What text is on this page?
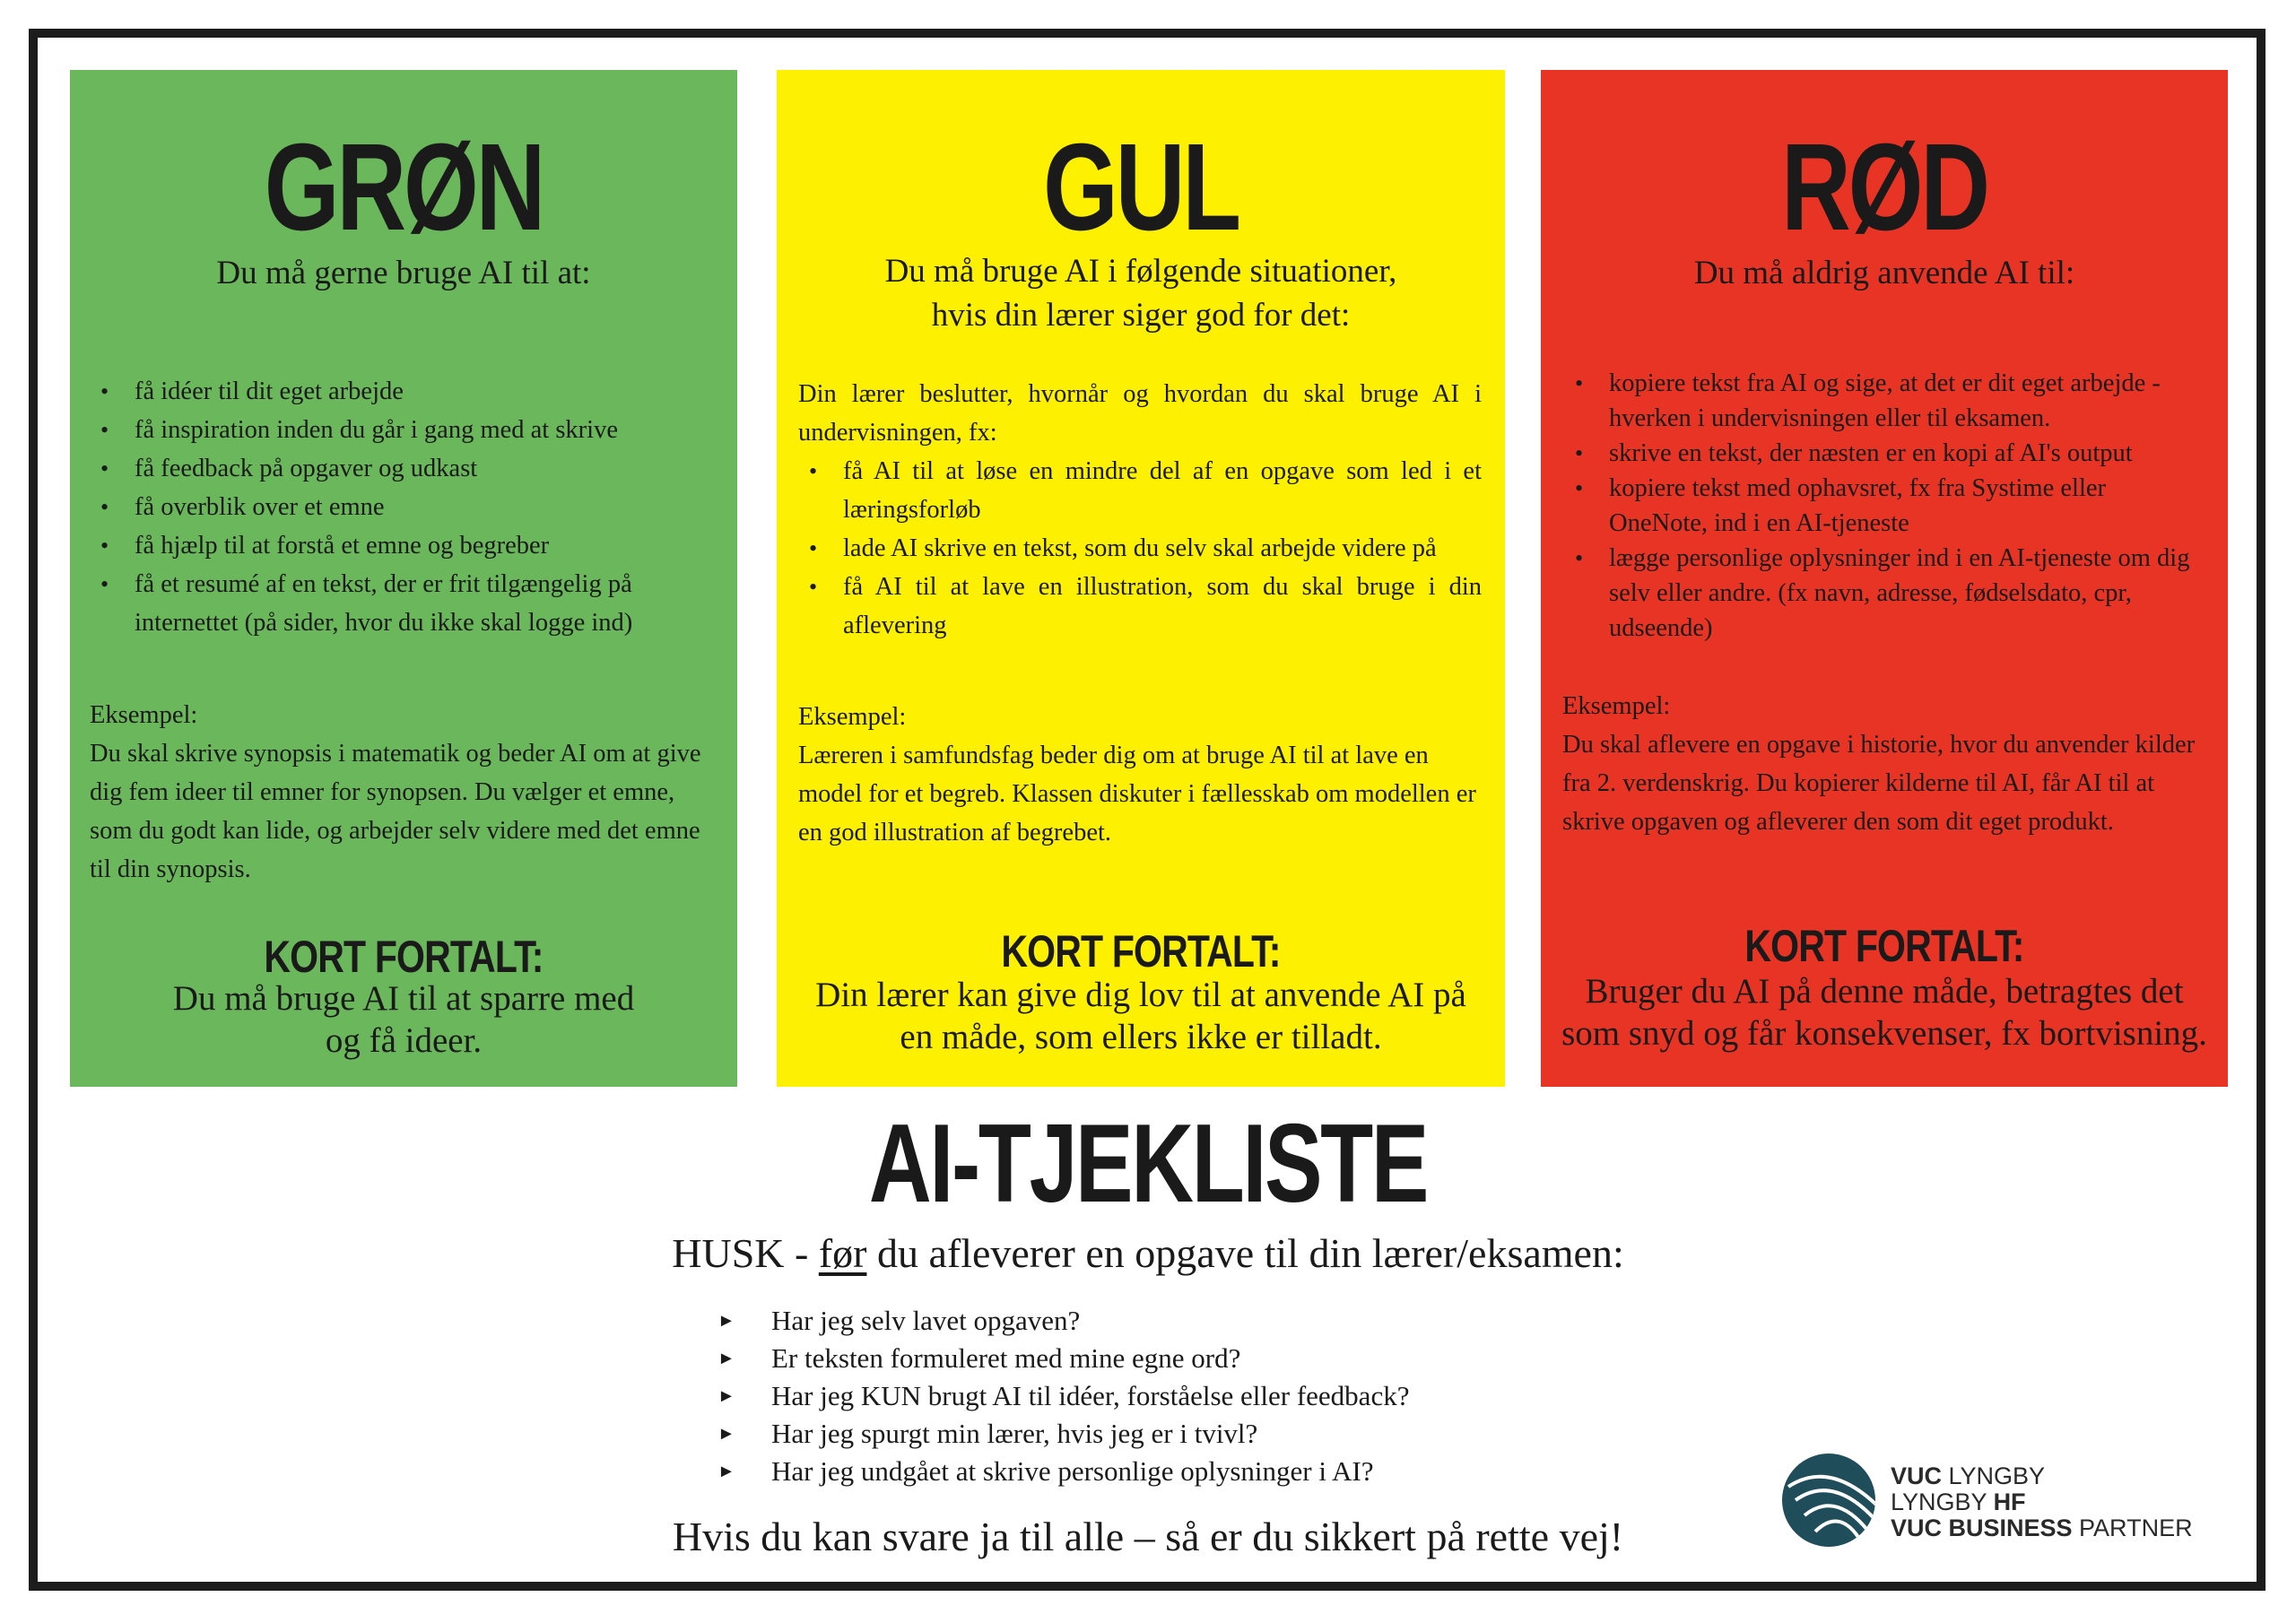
GRØN
Du må gerne bruge AI til at:
• få idéer til dit eget arbejde
• få inspiration inden du går i gang med at skrive
• få feedback på opgaver og udkast
• få overblik over et emne
• få hjælp til at forstå et emne og begreber
• få et resumé af en tekst, der er frit tilgængelig på internettet (på sider, hvor du ikke skal logge ind)
Eksempel:
Du skal skrive synopsis i matematik og beder AI om at give dig fem ideer til emner for synopsen. Du vælger et emne, som du godt kan lide, og arbejder selv videre med det emne til din synopsis.
KORT FORTALT:
Du må bruge AI til at sparre med
og få ideer.
GUL
Du må bruge AI i følgende situationer,
hvis din lærer siger god for det:
Din lærer beslutter, hvornår og hvordan du skal bruge AI i undervisningen, fx:
• få AI til at løse en mindre del af en opgave som led i et læringsforløb
• lade AI skrive en tekst, som du selv skal arbejde videre på
• få AI til at lave en illustration, som du skal bruge i din aflevering
Eksempel:
Læreren i samfundsfag beder dig om at bruge AI til at lave en model for et begreb. Klassen diskuter i fællesskab om modellen er en god illustration af begrebet.
KORT FORTALT:
Din lærer kan give dig lov til at anvende AI på
en måde, som ellers ikke er tilladt.
RØD
Du må aldrig anvende AI til:
• kopiere tekst fra AI og sige, at det er dit eget arbejde - hverken i undervisningen eller til eksamen.
• skrive en tekst, der næsten er en kopi af AI's output
• kopiere tekst med ophavsret, fx fra Systime eller OneNote, ind i en AI-tjeneste
• lægge personlige oplysninger ind i en AI-tjeneste om dig selv eller andre. (fx navn, adresse, fødselsdato, cpr, udseende)
Eksempel:
Du skal aflevere en opgave i historie, hvor du anvender kilder fra 2. verdenskrig. Du kopierer kilderne til AI, får AI til at skrive opgaven og afleverer den som dit eget produkt.
KORT FORTALT:
Bruger du AI på denne måde, betragtes det
som snyd og får konsekvenser, fx bortvisning.
AI-TJEKLISTE
HUSK - før du afleverer en opgave til din lærer/eksamen:
► Har jeg selv lavet opgaven?
► Er teksten formuleret med mine egne ord?
► Har jeg KUN brugt AI til idéer, forståelse eller feedback?
► Har jeg spurgt min lærer, hvis jeg er i tvivl?
► Har jeg undgået at skrive personlige oplysninger i AI?
Hvis du kan svare ja til alle – så er du sikkert på rette vej!
VUC LYNGBY
LYNGBY HF
VUC BUSINESS PARTNER
